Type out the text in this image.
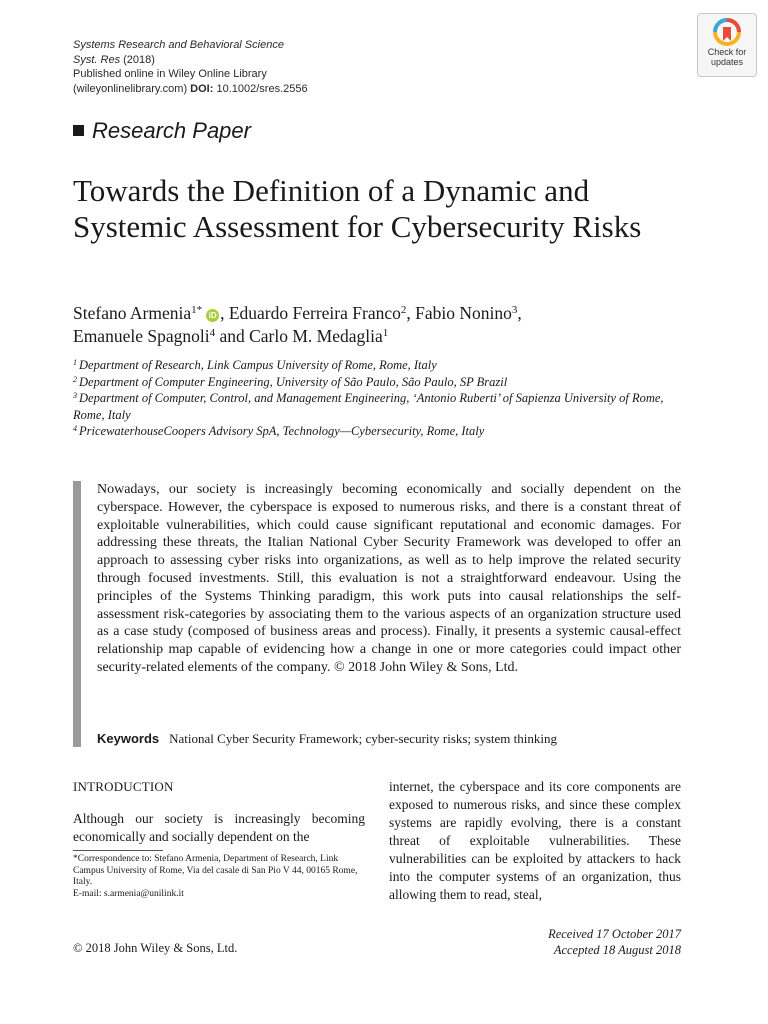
Systems Research and Behavioral Science
Syst. Res (2018)
Published online in Wiley Online Library
(wileyonlinelibrary.com) DOI: 10.1002/sres.2556
Check for
updates
Research Paper
Towards the Definition of a Dynamic and Systemic Assessment for Cybersecurity Risks
Stefano Armenia$^{1*}$ iD , Eduardo Ferreira Franco$^2$, Fabio Nonino$^3$,
Emanuele Spagnoli$^4$ and Carlo M. Medaglia$^1$
$^1$ Department of Research, Link Campus University of Rome, Rome, Italy
$^2$ Department of Computer Engineering, University of São Paulo, São Paulo, SP Brazil
$^3$ Department of Computer, Control, and Management Engineering, ‘Antonio Ruberti’ of Sapienza University of Rome, Rome, Italy
$^4$ PricewaterhouseCoopers Advisory SpA, Technology—Cybersecurity, Rome, Italy

Nowadays, our society is increasingly becoming economically and socially dependent on the cyberspace. However, the cyberspace is exposed to numerous risks, and there is a constant threat of exploitable vulnerabilities, which could cause significant reputational and economic damages. For addressing these threats, the Italian National Cyber Security Framework was developed to offer an approach to assessing cyber risks into organizations, as well as to help improve the related security through focused investments. Still, this evaluation is not a straightforward endeavour. Using the principles of the Systems Thinking paradigm, this work puts into causal relationships the self-assessment risk-categories by associating them to the various aspects of an organization structure used as a case study (composed of business areas and process). Finally, it presents a systemic causal-effect relationship map capable of evidencing how a change in one or more categories could impact other security-related elements of the company. © 2018 John Wiley & Sons, Ltd.

Keywords National Cyber Security Framework; cyber-security risks; system thinking
INTRODUCTION

Although our society is increasingly becoming economically and socially dependent on the

*Correspondence to: Stefano Armenia, Department of Research, Link Campus University of Rome, Via del casale di San Pio V 44, 00165 Rome, Italy.
E-mail: s.armenia@unilink.it

internet, the cyberspace and its core components are exposed to numerous risks, and since these complex systems are rapidly evolving, there is a constant threat of exploitable vulnerabilities. These vulnerabilities can be exploited by attackers to hack into the computer systems of an organization, thus allowing them to read, steal,

© 2018 John Wiley & Sons, Ltd.
Received 17 October 2017
Accepted 18 August 2018
